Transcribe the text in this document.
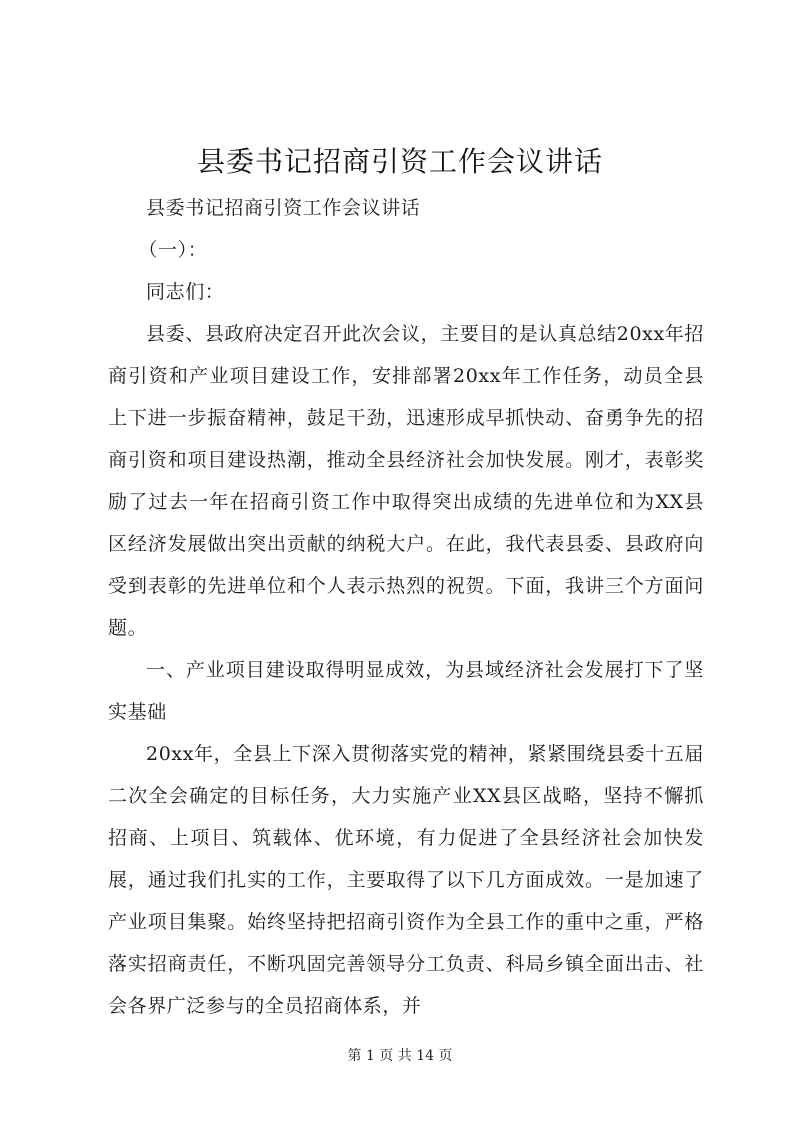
县委书记招商引资工作会议讲话

县委书记招商引资工作会议讲话

（一）：

同志们：

县委、县政府决定召开此次会议，主要目的是认真总结20xx年招商引资和产业项目建设工作，安排部署20xx年工作任务，动员全县上下进一步振奋精神，鼓足干劲，迅速形成早抓快动、奋勇争先的招商引资和项目建设热潮，推动全县经济社会加快发展。刚才，表彰奖励了过去一年在招商引资工作中取得突出成绩的先进单位和为XX县区经济发展做出突出贡献的纳税大户。在此，我代表县委、县政府向受到表彰的先进单位和个人表示热烈的祝贺。下面，我讲三个方面问题。

一、产业项目建设取得明显成效，为县域经济社会发展打下了坚实基础

20xx年，全县上下深入贯彻落实党的精神，紧紧围绕县委十五届二次全会确定的目标任务，大力实施产业XX县区战略，坚持不懈抓招商、上项目、筑载体、优环境，有力促进了全县经济社会加快发展，通过我们扎实的工作，主要取得了以下几方面成效。一是加速了产业项目集聚。始终坚持把招商引资作为全县工作的重中之重，严格落实招商责任，不断巩固完善领导分工负责、科局乡镇全面出击、社会各界广泛参与的全员招商体系，并

第 1 页 共 14 页
